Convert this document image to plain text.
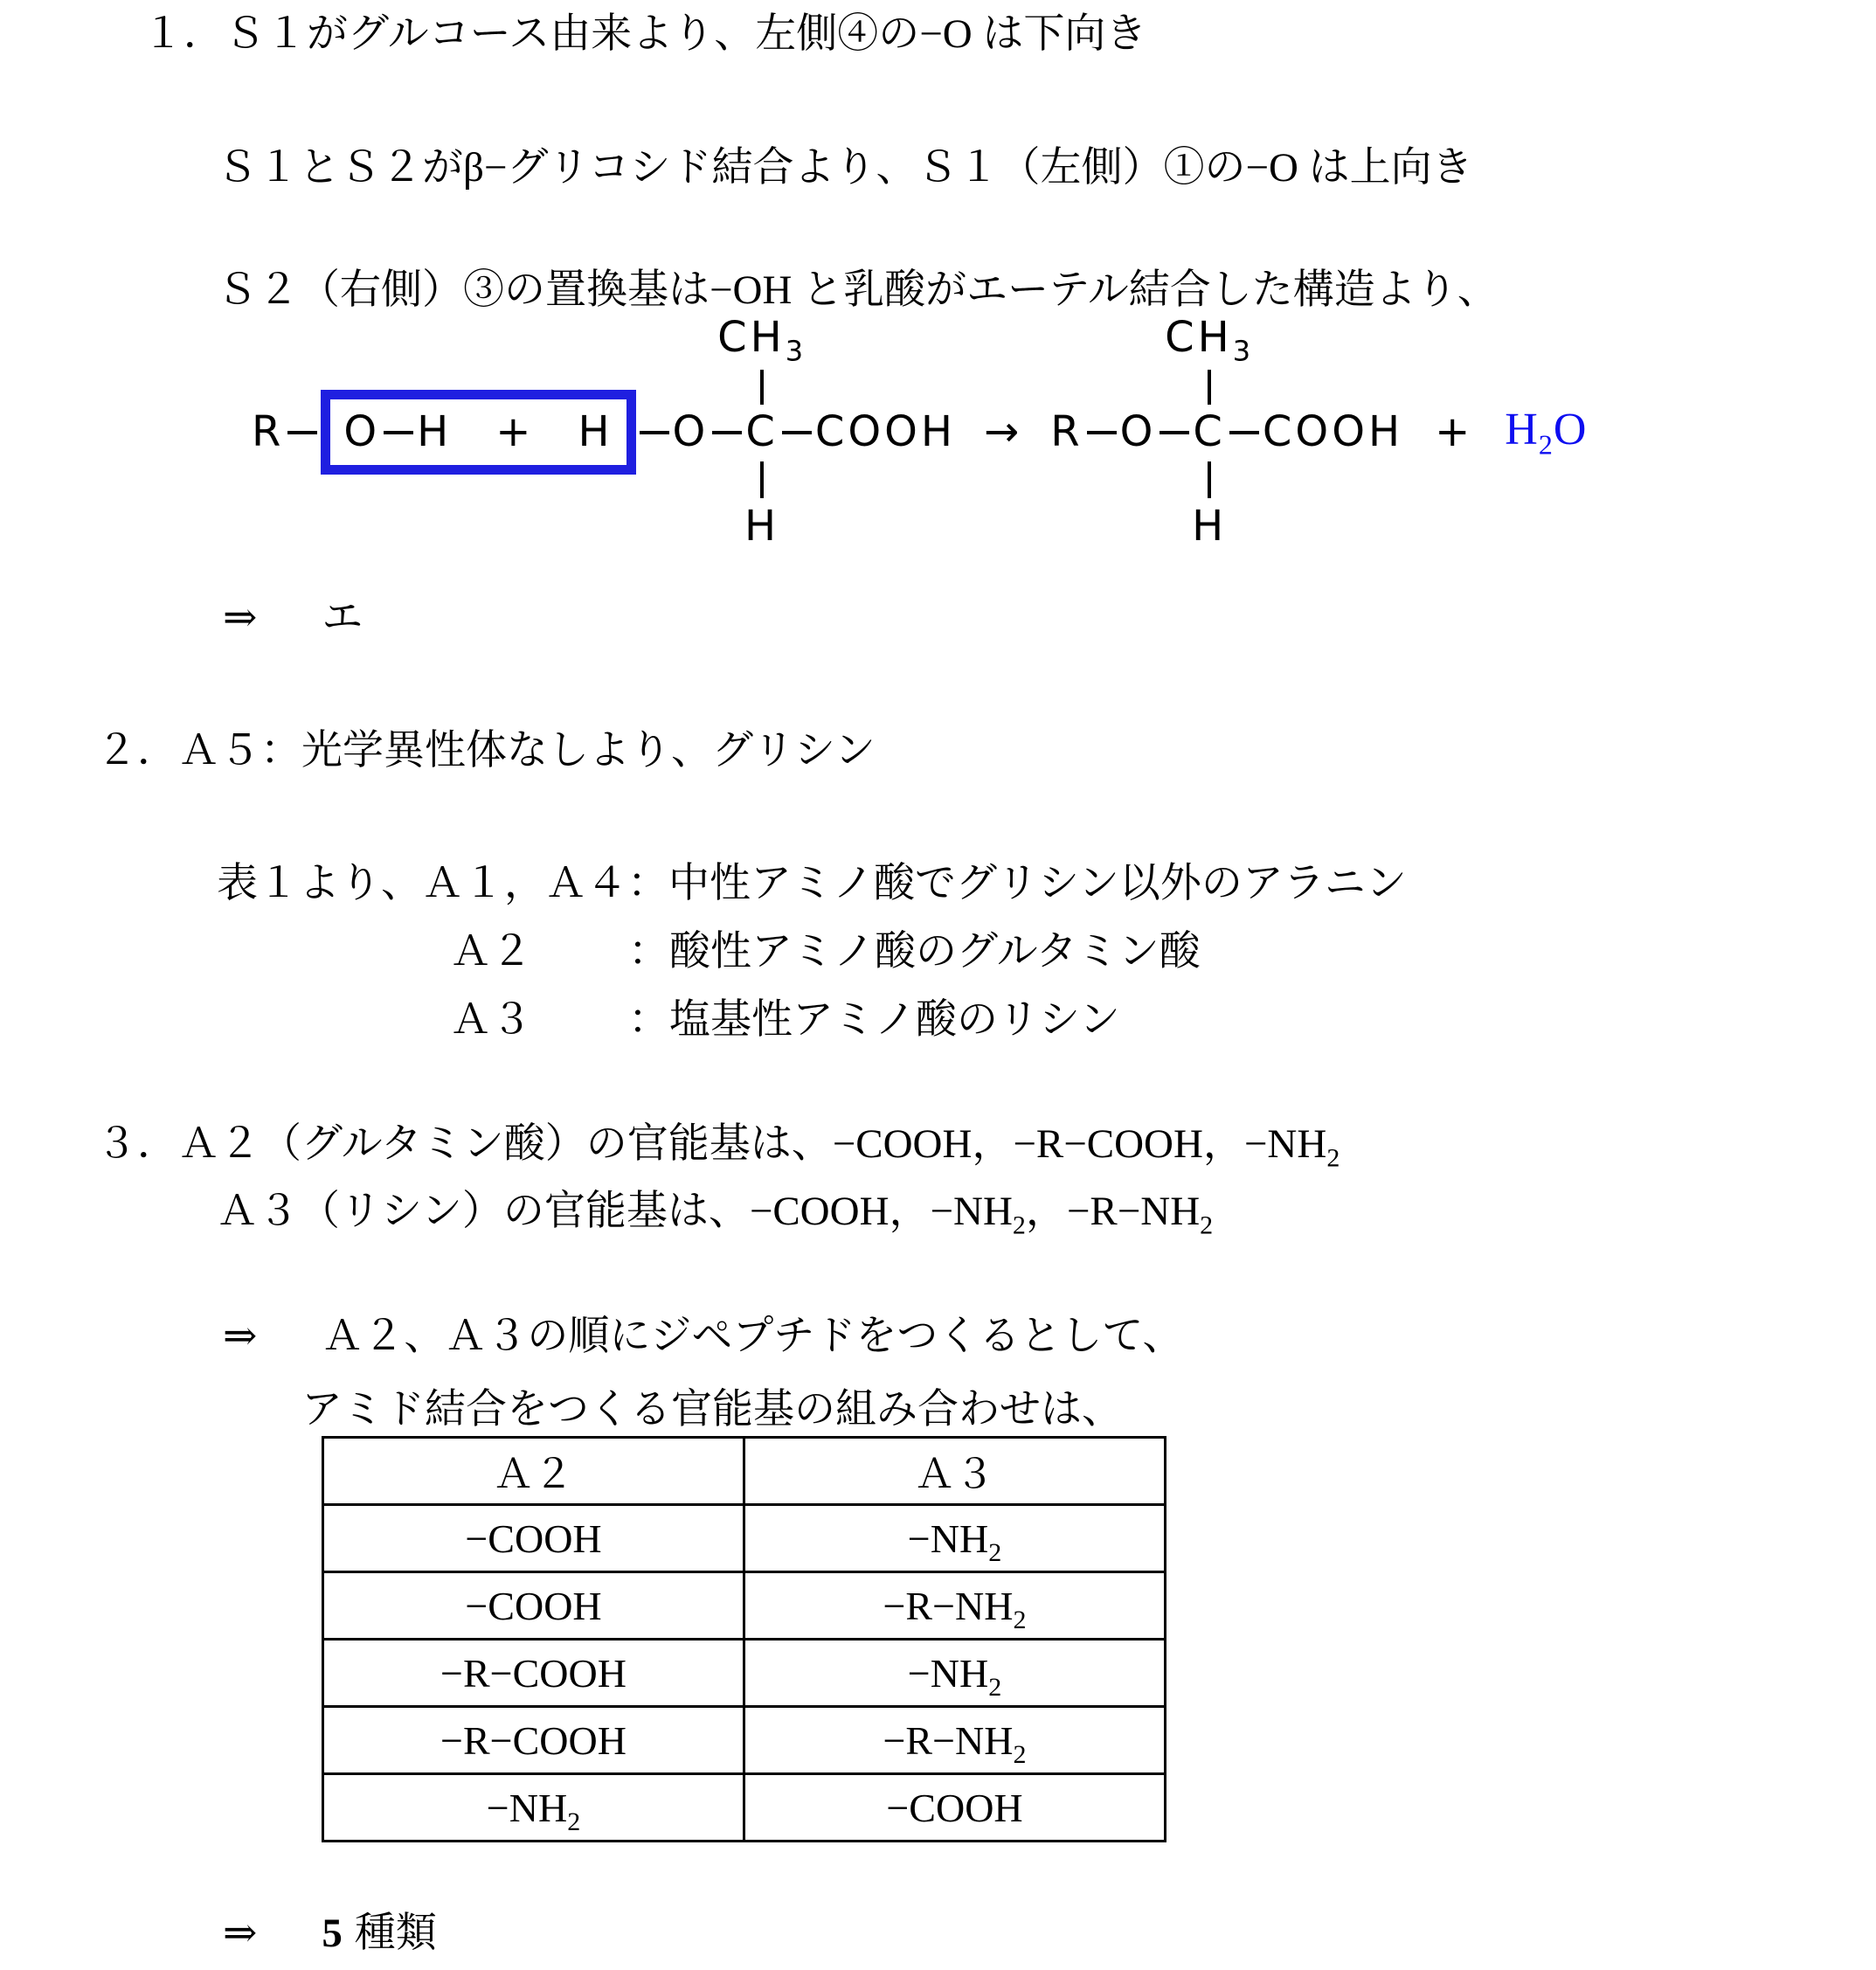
１．Ｓ１がグルコース由来より、左側④の−O は下向き
Ｓ１とＳ２がβ−グリコシド結合より、Ｓ１（左側）①の−O は上向き
Ｓ２（右側）③の置換基は−OH と乳酸がエーテル結合した構造より、
R O H + H O C
$CH_3$
H
COOH → R O C
$CH_3$
H
COOH + $H_2O$
⇒ エ
２．Ａ５：光学異性体なしより、グリシン
表１より、Ａ１，Ａ４：中性アミノ酸でグリシン以外のアラニン
Ａ２ ：酸性アミノ酸のグルタミン酸
Ａ３ ：塩基性アミノ酸のリシン
３．Ａ２（グルタミン酸）の官能基は、−COOH，−R−COOH，$-NH_2$
Ａ３（リシン）の官能基は、−COOH，$-NH_2$，$-R-NH_2$
⇒ Ａ２、Ａ３の順にジペプチドをつくるとして、
アミド結合をつくる官能基の組み合わせは、
Ａ２	Ａ３
−COOH	$-NH_2$
−COOH	$-R-NH_2$
−R−COOH	$-NH_2$
−R−COOH	$-R-NH_2$
$-NH_2$	−COOH
⇒ 5 種類
